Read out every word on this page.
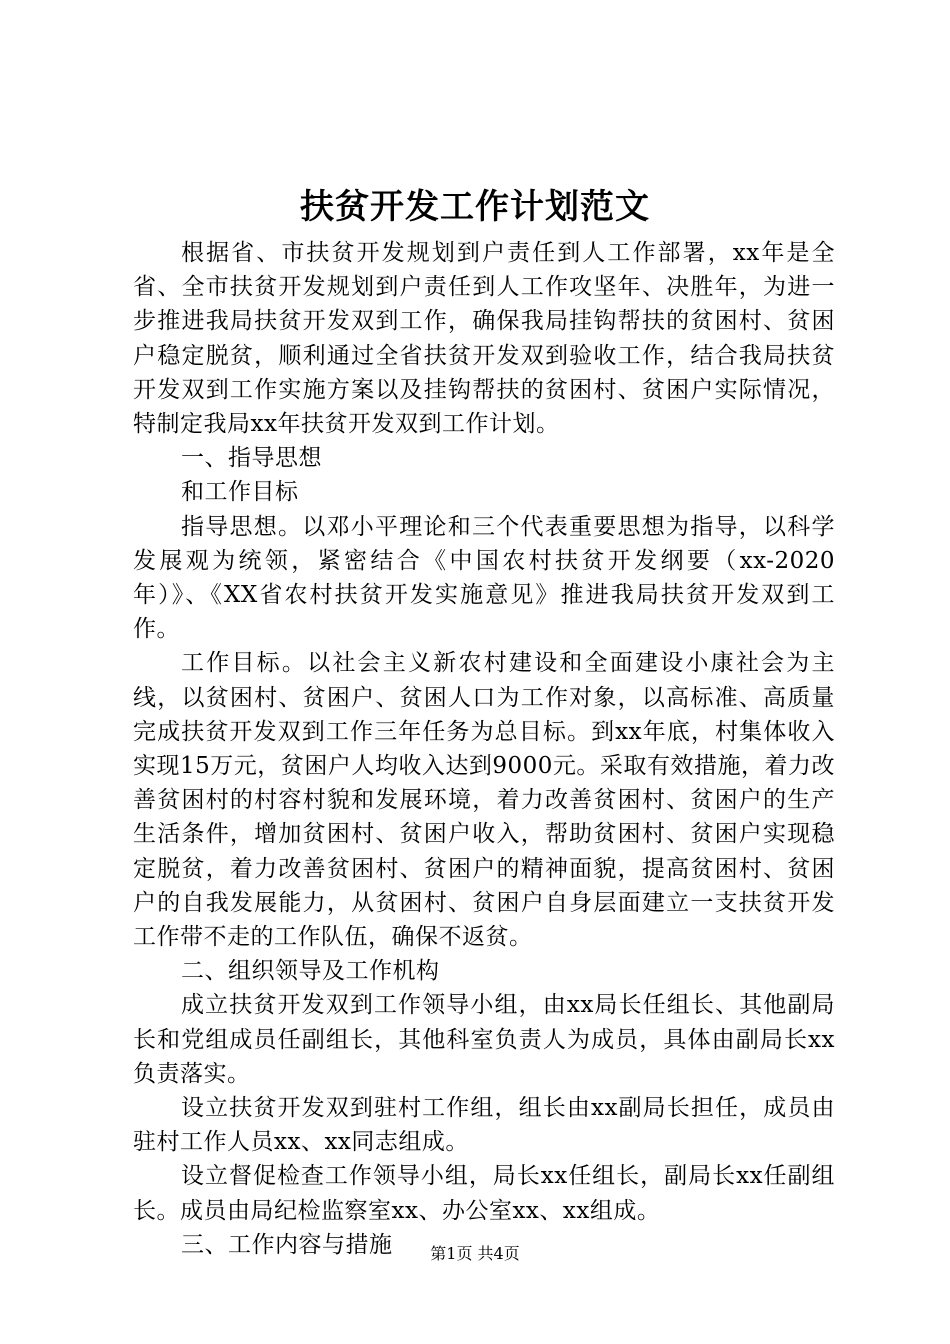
扶贫开发工作计划范文

根据省、市扶贫开发规划到户责任到人工作部署，xx年是全省、全市扶贫开发规划到户责任到人工作攻坚年、决胜年，为进一步推进我局扶贫开发双到工作，确保我局挂钩帮扶的贫困村、贫困户稳定脱贫，顺利通过全省扶贫开发双到验收工作，结合我局扶贫开发双到工作实施方案以及挂钩帮扶的贫困村、贫困户实际情况，特制定我局xx年扶贫开发双到工作计划。

一、指导思想

和工作目标

指导思想。以邓小平理论和三个代表重要思想为指导，以科学发展观为统领，紧密结合《中国农村扶贫开发纲要（xx-2020年）》、《XX省农村扶贫开发实施意见》推进我局扶贫开发双到工作。

工作目标。以社会主义新农村建设和全面建设小康社会为主线，以贫困村、贫困户、贫困人口为工作对象，以高标准、高质量完成扶贫开发双到工作三年任务为总目标。到xx年底，村集体收入实现15万元，贫困户人均收入达到9000元。采取有效措施，着力改善贫困村的村容村貌和发展环境，着力改善贫困村、贫困户的生产生活条件，增加贫困村、贫困户收入，帮助贫困村、贫困户实现稳定脱贫，着力改善贫困村、贫困户的精神面貌，提高贫困村、贫困户的自我发展能力，从贫困村、贫困户自身层面建立一支扶贫开发工作带不走的工作队伍，确保不返贫。

二、组织领导及工作机构

成立扶贫开发双到工作领导小组，由xx局长任组长、其他副局长和党组成员任副组长，其他科室负责人为成员，具体由副局长xx负责落实。

设立扶贫开发双到驻村工作组，组长由xx副局长担任，成员由驻村工作人员xx、xx同志组成。

设立督促检查工作领导小组，局长xx任组长，副局长xx任副组长。成员由局纪检监察室xx、办公室xx、xx组成。

三、工作内容与措施	第1页 共4页
